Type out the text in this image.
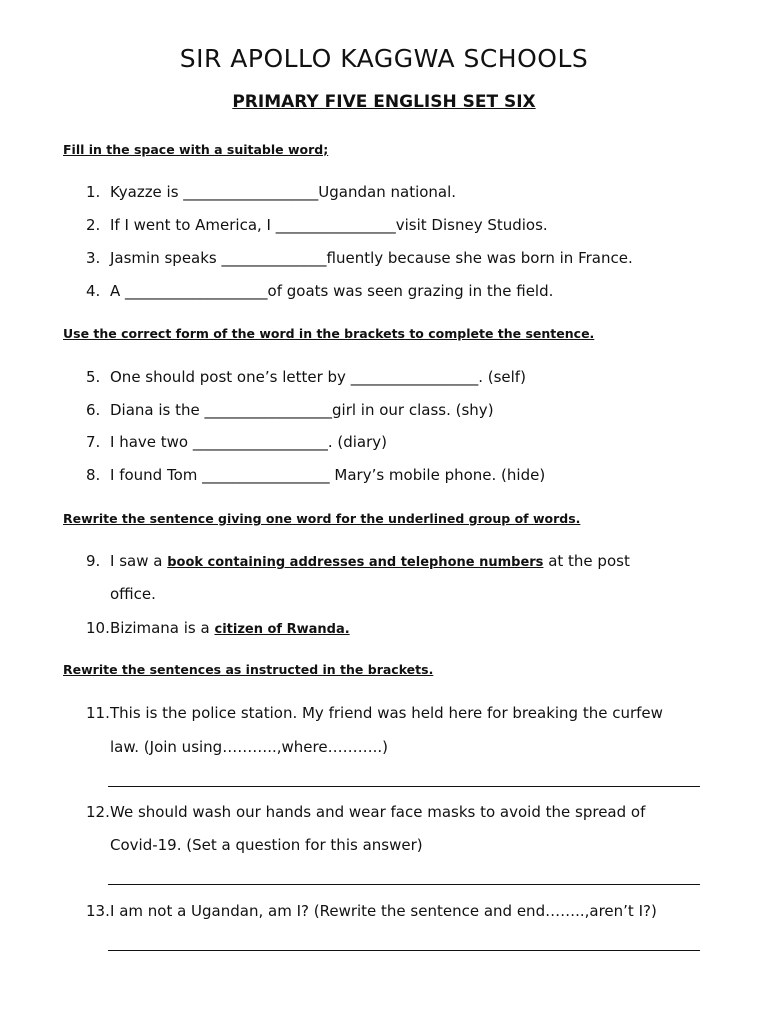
SIR APOLLO KAGGWA SCHOOLS
PRIMARY FIVE ENGLISH SET SIX
Fill in the space with a suitable word;
1. Kyazze is __________________Ugandan national.
2. If I went to America, I ________________visit Disney Studios.
3. Jasmin speaks ______________fluently because she was born in France.
4. A ___________________of goats was seen grazing in the field.
Use the correct form of the word in the brackets to complete the sentence.
5. One should post one’s letter by _________________. (self)
6. Diana is the _________________girl in our class. (shy)
7. I have two __________________. (diary)
8. I found Tom _________________ Mary’s mobile phone. (hide)
Rewrite the sentence giving one word for the underlined group of words.
9. I saw a book containing addresses and telephone numbers at the post
office.
10. Bizimana is a citizen of Rwanda.
Rewrite the sentences as instructed in the brackets.
11. This is the police station. My friend was held here for breaking the curfew
law. (Join using………..,where………..)
12. We should wash our hands and wear face masks to avoid the spread of
Covid-19. (Set a question for this answer)
13. I am not a Ugandan, am I? (Rewrite the sentence and end……..,aren’t I?)
